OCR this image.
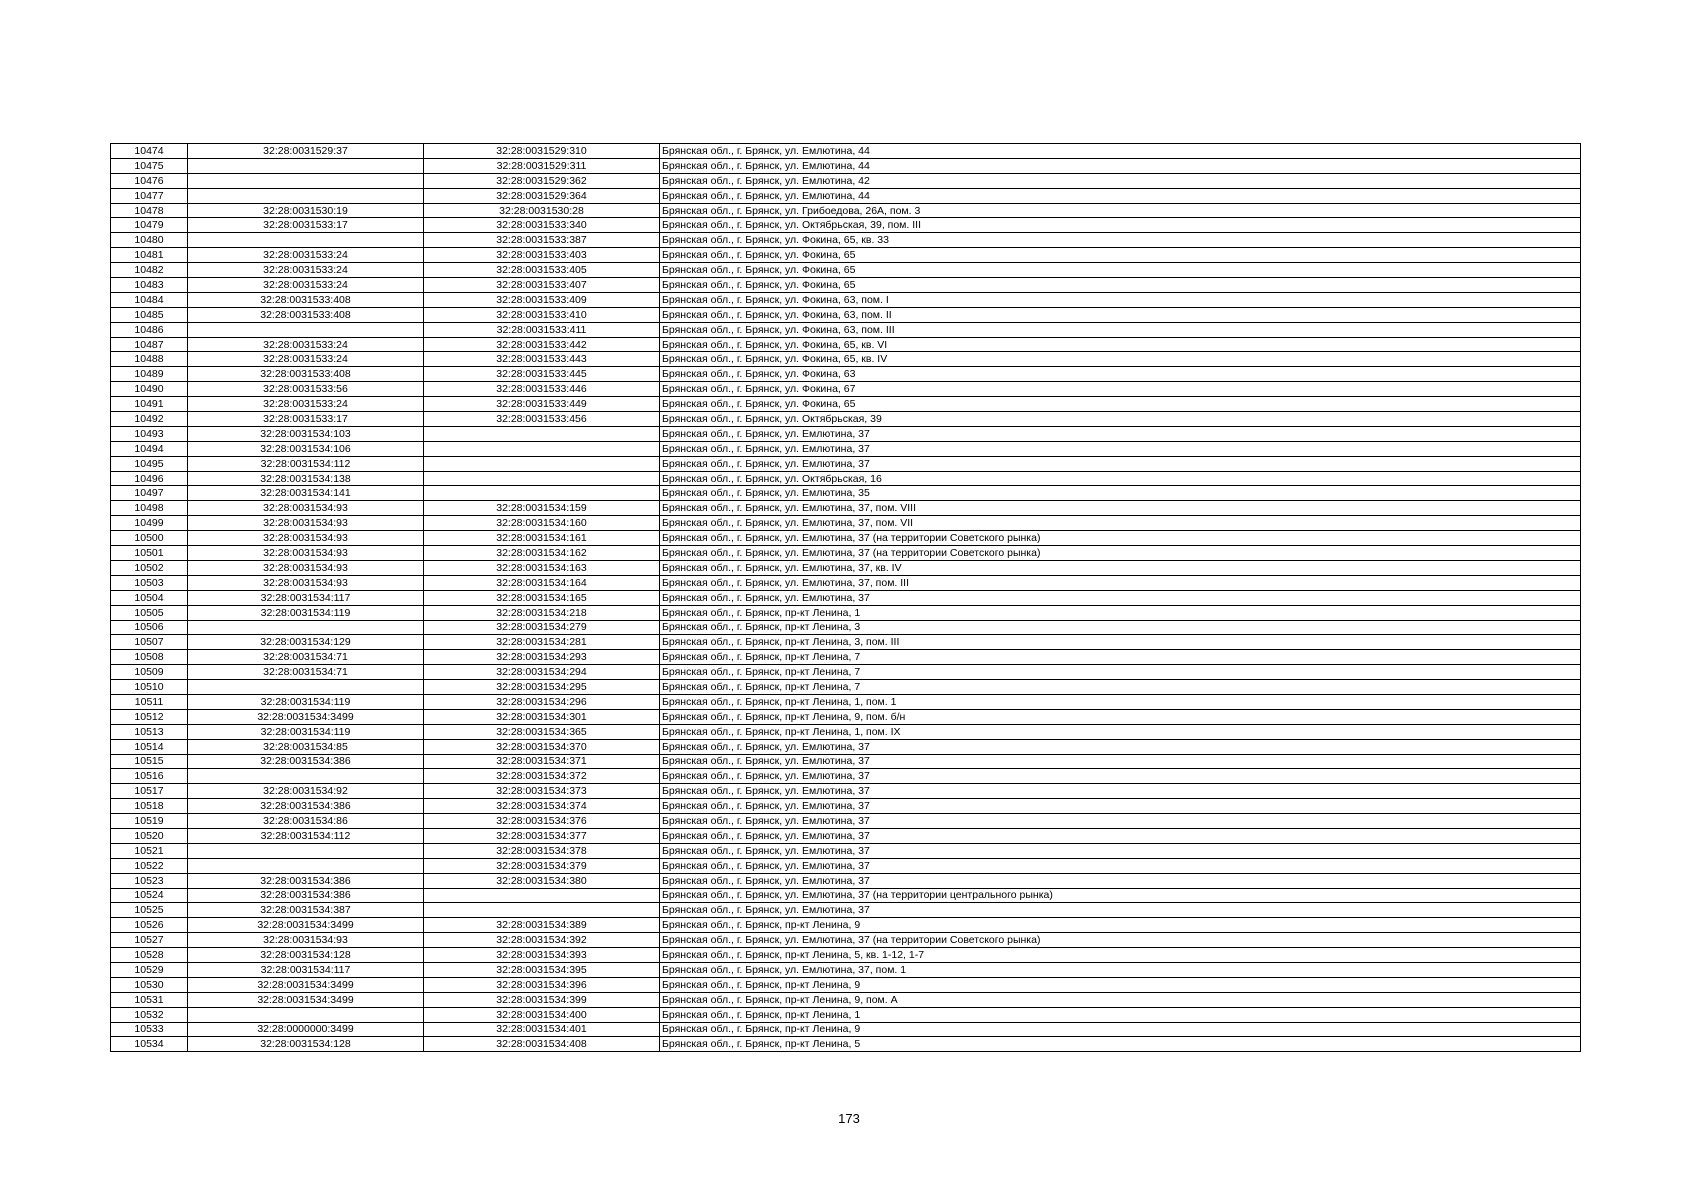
10474	32:28:0031529:37	32:28:0031529:310	Брянская обл., г. Брянск, ул. Емлютина, 44
10475		32:28:0031529:311	Брянская обл., г. Брянск, ул. Емлютина, 44
10476		32:28:0031529:362	Брянская обл., г. Брянск, ул. Емлютина, 42
10477		32:28:0031529:364	Брянская обл., г. Брянск, ул. Емлютина, 44
10478	32:28:0031530:19	32:28:0031530:28	Брянская обл., г. Брянск, ул. Грибоедова, 26А, пом. 3
10479	32:28:0031533:17	32:28:0031533:340	Брянская обл., г. Брянск, ул. Октябрьская, 39, пом. III
10480		32:28:0031533:387	Брянская обл., г. Брянск, ул. Фокина, 65, кв. 33
10481	32:28:0031533:24	32:28:0031533:403	Брянская обл., г. Брянск, ул. Фокина, 65
10482	32:28:0031533:24	32:28:0031533:405	Брянская обл., г. Брянск, ул. Фокина, 65
10483	32:28:0031533:24	32:28:0031533:407	Брянская обл., г. Брянск, ул. Фокина, 65
10484	32:28:0031533:408	32:28:0031533:409	Брянская обл., г. Брянск, ул. Фокина, 63, пом. I
10485	32:28:0031533:408	32:28:0031533:410	Брянская обл., г. Брянск, ул. Фокина, 63, пом. II
10486		32:28:0031533:411	Брянская обл., г. Брянск, ул. Фокина, 63, пом. III
10487	32:28:0031533:24	32:28:0031533:442	Брянская обл., г. Брянск, ул. Фокина, 65, кв. VI
10488	32:28:0031533:24	32:28:0031533:443	Брянская обл., г. Брянск, ул. Фокина, 65, кв. IV
10489	32:28:0031533:408	32:28:0031533:445	Брянская обл., г. Брянск, ул. Фокина, 63
10490	32:28:0031533:56	32:28:0031533:446	Брянская обл., г. Брянск, ул. Фокина, 67
10491	32:28:0031533:24	32:28:0031533:449	Брянская обл., г. Брянск, ул. Фокина, 65
10492	32:28:0031533:17	32:28:0031533:456	Брянская обл., г. Брянск, ул. Октябрьская, 39
10493	32:28:0031534:103		Брянская обл., г. Брянск, ул. Емлютина, 37
10494	32:28:0031534:106		Брянская обл., г. Брянск, ул. Емлютина, 37
10495	32:28:0031534:112		Брянская обл., г. Брянск, ул. Емлютина, 37
10496	32:28:0031534:138		Брянская обл., г. Брянск, ул. Октябрьская, 16
10497	32:28:0031534:141		Брянская обл., г. Брянск, ул. Емлютина, 35
10498	32:28:0031534:93	32:28:0031534:159	Брянская обл., г. Брянск, ул. Емлютина, 37, пом. VIII
10499	32:28:0031534:93	32:28:0031534:160	Брянская обл., г. Брянск, ул. Емлютина, 37, пом. VII
10500	32:28:0031534:93	32:28:0031534:161	Брянская обл., г. Брянск, ул. Емлютина, 37 (на территории Советского рынка)
10501	32:28:0031534:93	32:28:0031534:162	Брянская обл., г. Брянск, ул. Емлютина, 37 (на территории Советского рынка)
10502	32:28:0031534:93	32:28:0031534:163	Брянская обл., г. Брянск, ул. Емлютина, 37, кв. IV
10503	32:28:0031534:93	32:28:0031534:164	Брянская обл., г. Брянск, ул. Емлютина, 37, пом. III
10504	32:28:0031534:117	32:28:0031534:165	Брянская обл., г. Брянск, ул. Емлютина, 37
10505	32:28:0031534:119	32:28:0031534:218	Брянская обл., г. Брянск, пр-кт Ленина, 1
10506		32:28:0031534:279	Брянская обл., г. Брянск, пр-кт Ленина, 3
10507	32:28:0031534:129	32:28:0031534:281	Брянская обл., г. Брянск, пр-кт Ленина, 3, пом. III
10508	32:28:0031534:71	32:28:0031534:293	Брянская обл., г. Брянск, пр-кт Ленина, 7
10509	32:28:0031534:71	32:28:0031534:294	Брянская обл., г. Брянск, пр-кт Ленина, 7
10510		32:28:0031534:295	Брянская обл., г. Брянск, пр-кт Ленина, 7
10511	32:28:0031534:119	32:28:0031534:296	Брянская обл., г. Брянск, пр-кт Ленина, 1, пом. 1
10512	32:28:0031534:3499	32:28:0031534:301	Брянская обл., г. Брянск, пр-кт Ленина, 9, пом. б/н
10513	32:28:0031534:119	32:28:0031534:365	Брянская обл., г. Брянск, пр-кт Ленина, 1, пом. IX
10514	32:28:0031534:85	32:28:0031534:370	Брянская обл., г. Брянск, ул. Емлютина, 37
10515	32:28:0031534:386	32:28:0031534:371	Брянская обл., г. Брянск, ул. Емлютина, 37
10516		32:28:0031534:372	Брянская обл., г. Брянск, ул. Емлютина, 37
10517	32:28:0031534:92	32:28:0031534:373	Брянская обл., г. Брянск, ул. Емлютина, 37
10518	32:28:0031534:386	32:28:0031534:374	Брянская обл., г. Брянск, ул. Емлютина, 37
10519	32:28:0031534:86	32:28:0031534:376	Брянская обл., г. Брянск, ул. Емлютина, 37
10520	32:28:0031534:112	32:28:0031534:377	Брянская обл., г. Брянск, ул. Емлютина, 37
10521		32:28:0031534:378	Брянская обл., г. Брянск, ул. Емлютина, 37
10522		32:28:0031534:379	Брянская обл., г. Брянск, ул. Емлютина, 37
10523	32:28:0031534:386	32:28:0031534:380	Брянская обл., г. Брянск, ул. Емлютина, 37
10524	32:28:0031534:386		Брянская обл., г. Брянск, ул. Емлютина, 37 (на территории центрального рынка)
10525	32:28:0031534:387		Брянская обл., г. Брянск, ул. Емлютина, 37
10526	32:28:0031534:3499	32:28:0031534:389	Брянская обл., г. Брянск, пр-кт Ленина, 9
10527	32:28:0031534:93	32:28:0031534:392	Брянская обл., г. Брянск, ул. Емлютина, 37 (на территории Советского рынка)
10528	32:28:0031534:128	32:28:0031534:393	Брянская обл., г. Брянск, пр-кт Ленина, 5, кв. 1-12, 1-7
10529	32:28:0031534:117	32:28:0031534:395	Брянская обл., г. Брянск, ул. Емлютина, 37, пом. 1
10530	32:28:0031534:3499	32:28:0031534:396	Брянская обл., г. Брянск, пр-кт Ленина, 9
10531	32:28:0031534:3499	32:28:0031534:399	Брянская обл., г. Брянск, пр-кт Ленина, 9, пом. А
10532		32:28:0031534:400	Брянская обл., г. Брянск, пр-кт Ленина, 1
10533	32:28:0000000:3499	32:28:0031534:401	Брянская обл., г. Брянск, пр-кт Ленина, 9
10534	32:28:0031534:128	32:28:0031534:408	Брянская обл., г. Брянск, пр-кт Ленина, 5
173
